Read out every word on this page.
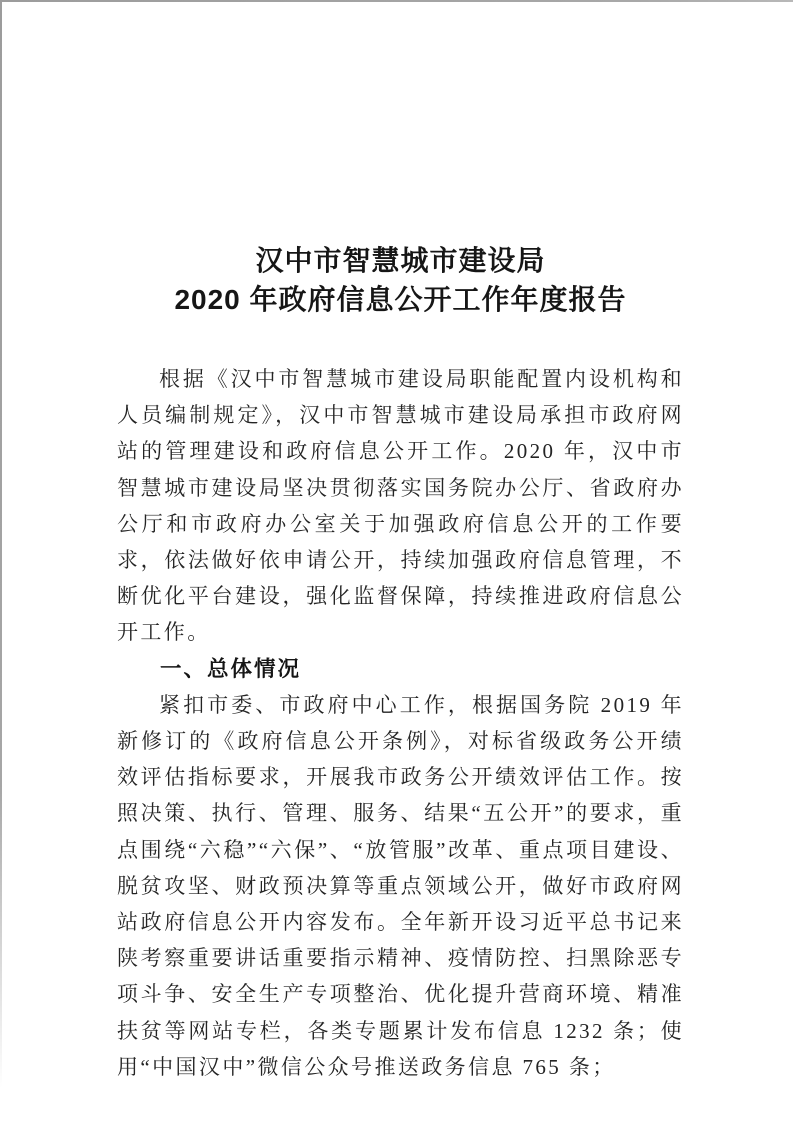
汉中市智慧城市建设局
2020 年政府信息公开工作年度报告

根据《汉中市智慧城市建设局职能配置内设机构和人员编制规定》，汉中市智慧城市建设局承担市政府网站的管理建设和政府信息公开工作。2020 年，汉中市智慧城市建设局坚决贯彻落实国务院办公厅、省政府办公厅和市政府办公室关于加强政府信息公开的工作要求，依法做好依申请公开，持续加强政府信息管理，不断优化平台建设，强化监督保障，持续推进政府信息公开工作。

一、总体情况

紧扣市委、市政府中心工作，根据国务院 2019 年新修订的《政府信息公开条例》，对标省级政务公开绩效评估指标要求，开展我市政务公开绩效评估工作。按照决策、执行、管理、服务、结果“五公开”的要求，重点围绕“六稳”“六保”、“放管服”改革、重点项目建设、脱贫攻坚、财政预决算等重点领域公开，做好市政府网站政府信息公开内容发布。全年新开设习近平总书记来陕考察重要讲话重要指示精神、疫情防控、扫黑除恶专项斗争、安全生产专项整治、优化提升营商环境、精准扶贫等网站专栏，各类专题累计发布信息 1232 条；使用“中国汉中”微信公众号推送政务信息 765 条；
